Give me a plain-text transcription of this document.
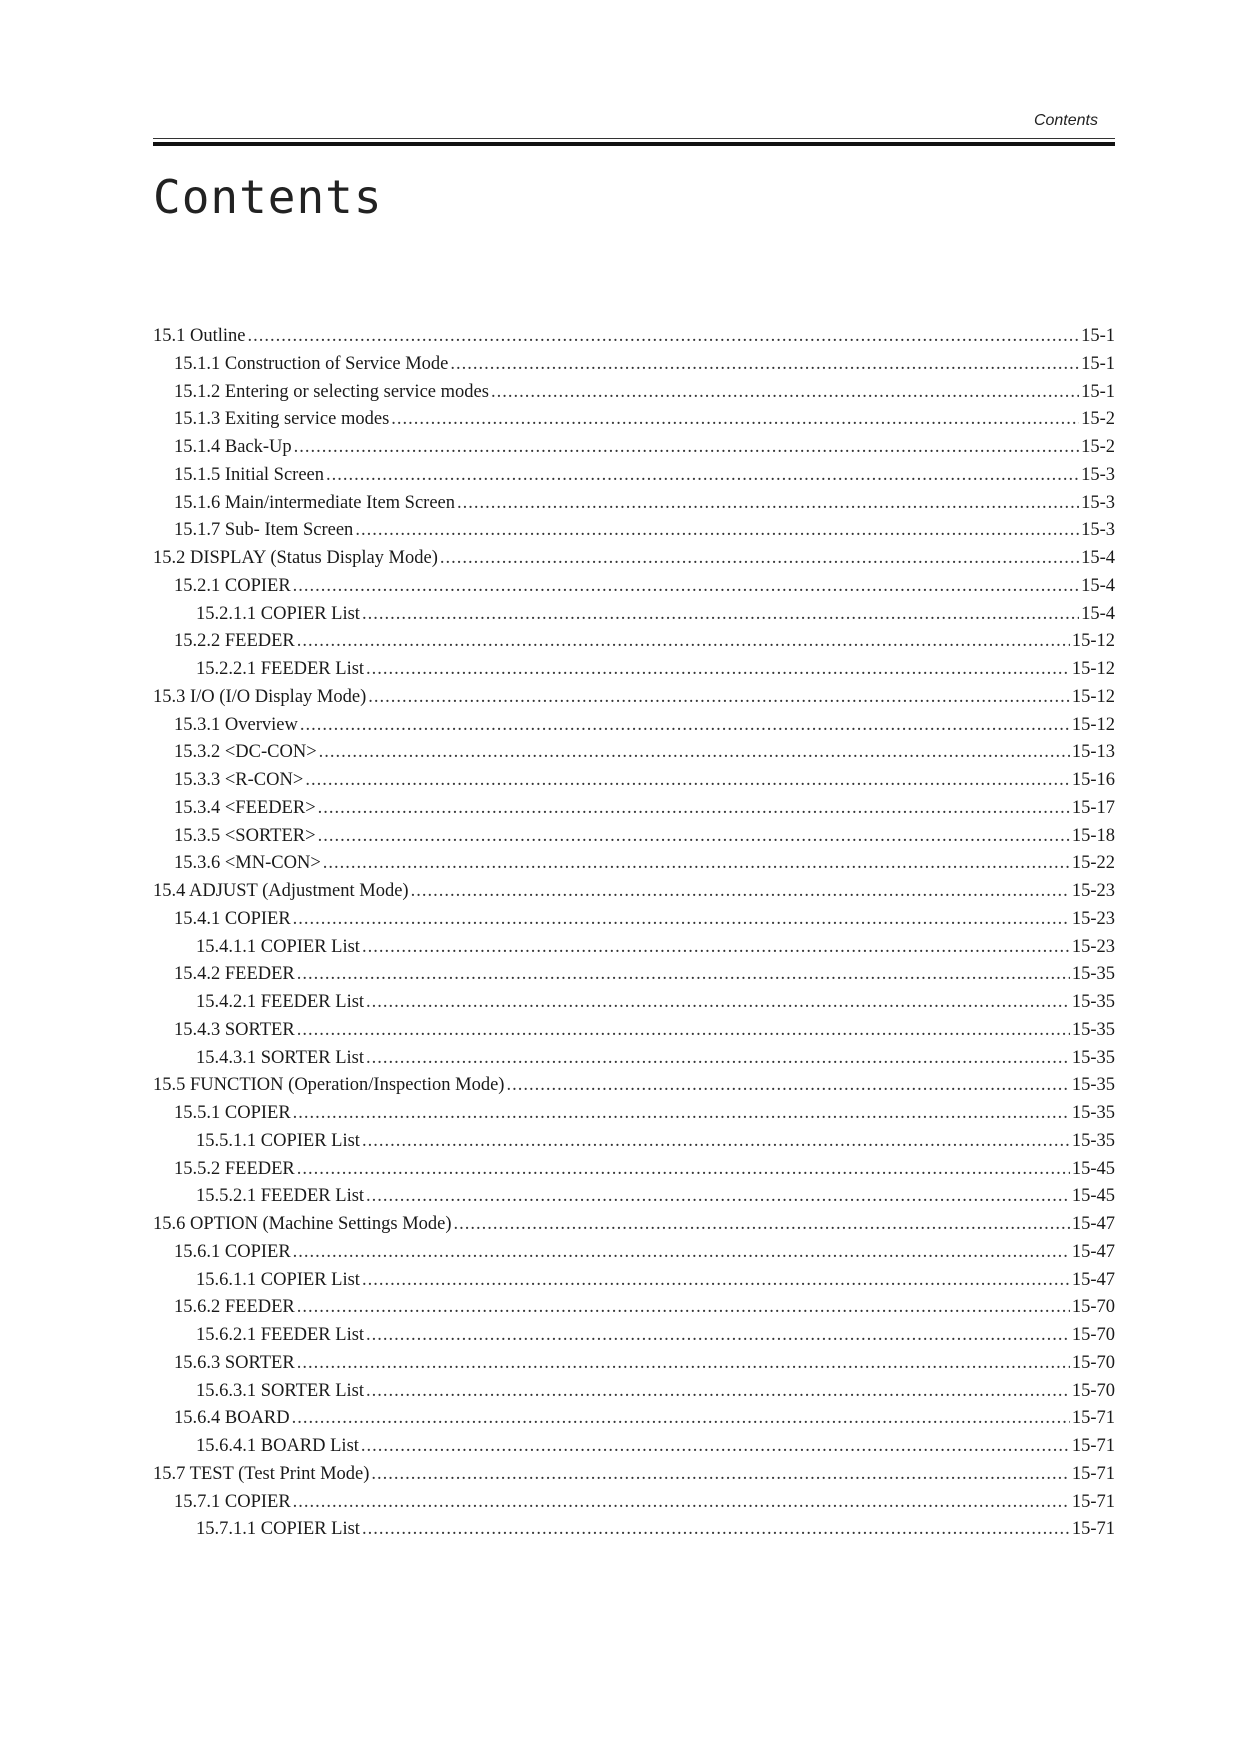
Contents
Contents
15.1 Outline .....	15-1
15.1.1 Construction of Service Mode .....	15-1
15.1.2 Entering or selecting service modes .....	15-1
15.1.3 Exiting service modes .....	15-2
15.1.4 Back-Up .....	15-2
15.1.5 Initial Screen .....	15-3
15.1.6 Main/intermediate Item Screen .....	15-3
15.1.7 Sub- Item Screen .....	15-3
15.2 DISPLAY (Status Display Mode) .....	15-4
15.2.1 COPIER .....	15-4
15.2.1.1 COPIER List .....	15-4
15.2.2 FEEDER .....	15-12
15.2.2.1 FEEDER List .....	15-12
15.3 I/O (I/O Display Mode) .....	15-12
15.3.1 Overview .....	15-12
15.3.2 <DC-CON> .....	15-13
15.3.3 <R-CON> .....	15-16
15.3.4 <FEEDER> .....	15-17
15.3.5 <SORTER> .....	15-18
15.3.6 <MN-CON> .....	15-22
15.4 ADJUST (Adjustment Mode) .....	15-23
15.4.1 COPIER .....	15-23
15.4.1.1 COPIER List .....	15-23
15.4.2 FEEDER .....	15-35
15.4.2.1 FEEDER List .....	15-35
15.4.3 SORTER .....	15-35
15.4.3.1 SORTER List .....	15-35
15.5 FUNCTION (Operation/Inspection Mode) .....	15-35
15.5.1 COPIER .....	15-35
15.5.1.1 COPIER List .....	15-35
15.5.2 FEEDER .....	15-45
15.5.2.1 FEEDER List .....	15-45
15.6 OPTION (Machine Settings Mode) .....	15-47
15.6.1 COPIER .....	15-47
15.6.1.1 COPIER List .....	15-47
15.6.2 FEEDER .....	15-70
15.6.2.1 FEEDER List .....	15-70
15.6.3 SORTER .....	15-70
15.6.3.1 SORTER List .....	15-70
15.6.4 BOARD .....	15-71
15.6.4.1 BOARD List .....	15-71
15.7 TEST (Test Print Mode) .....	15-71
15.7.1 COPIER .....	15-71
15.7.1.1 COPIER List .....	15-71
